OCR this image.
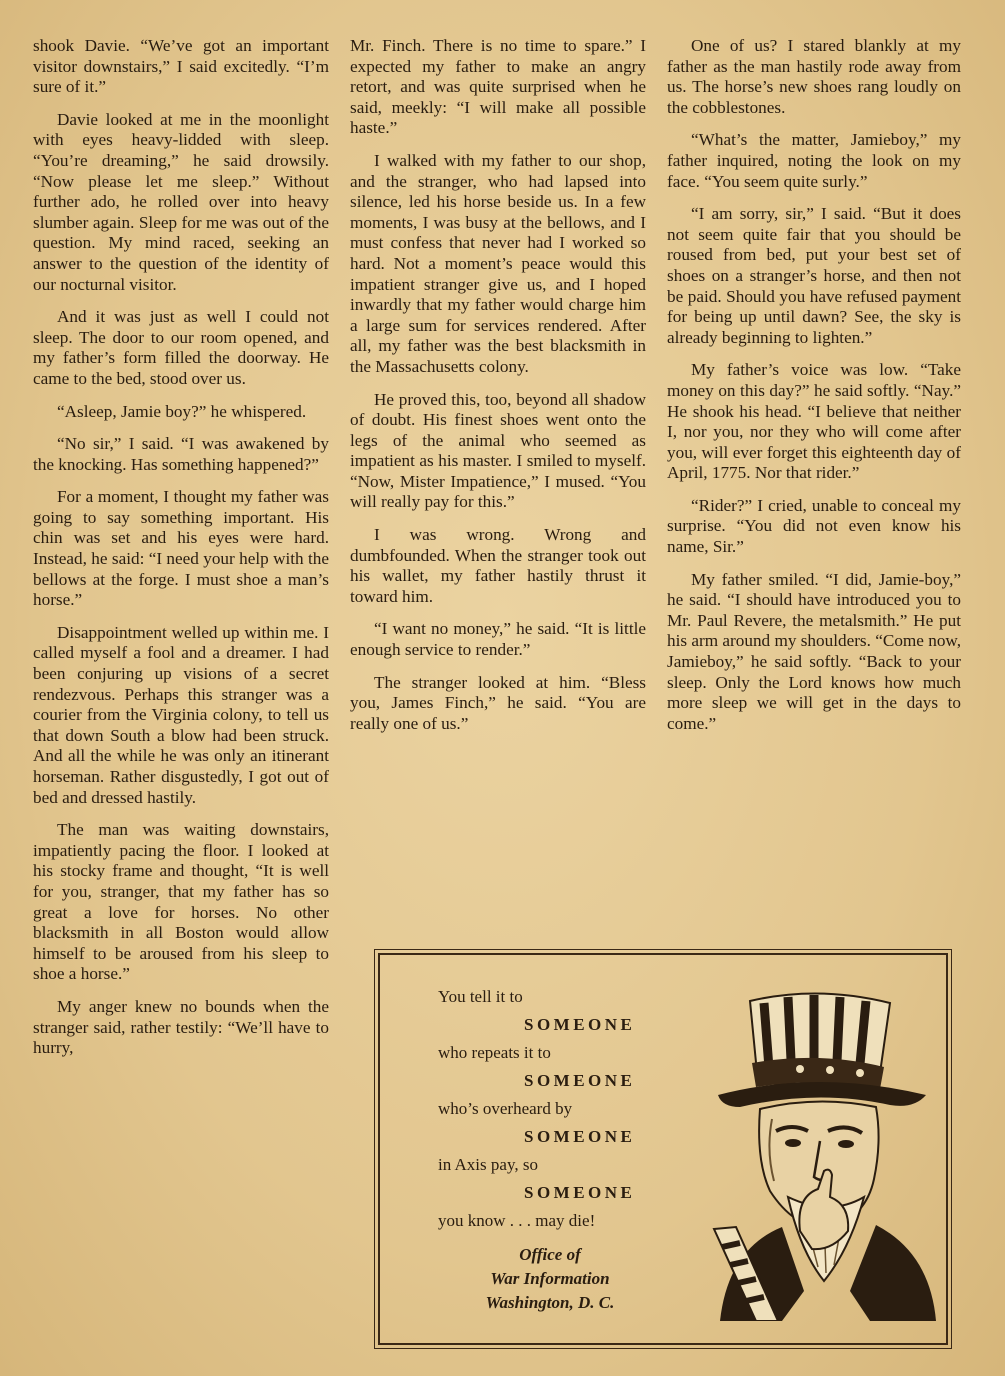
shook Davie. “We’ve got an important visitor downstairs,” I said excitedly. “I’m sure of it.”

Davie looked at me in the moonlight with eyes heavy-lidded with sleep. “You’re dreaming,” he said drowsily. “Now please let me sleep.” Without further ado, he rolled over into heavy slumber again. Sleep for me was out of the question. My mind raced, seeking an answer to the question of the identity of our nocturnal visitor.

And it was just as well I could not sleep. The door to our room opened, and my father’s form filled the doorway. He came to the bed, stood over us.

“Asleep, Jamie boy?” he whispered.

“No sir,” I said. “I was awakened by the knocking. Has something happened?”

For a moment, I thought my father was going to say something important. His chin was set and his eyes were hard. Instead, he said: “I need your help with the bellows at the forge. I must shoe a man’s horse.”

Disappointment welled up within me. I called myself a fool and a dreamer. I had been conjuring up visions of a secret rendezvous. Perhaps this stranger was a courier from the Virginia colony, to tell us that down South a blow had been struck. And all the while he was only an itinerant horseman. Rather disgustedly, I got out of bed and dressed hastily.

The man was waiting downstairs, impatiently pacing the floor. I looked at his stocky frame and thought, “It is well for you, stranger, that my father has so great a love for horses. No other blacksmith in all Boston would allow himself to be aroused from his sleep to shoe a horse.”

My anger knew no bounds when the stranger said, rather testily: “We’ll have to hurry,

Mr. Finch. There is no time to spare.” I expected my father to make an angry retort, and was quite surprised when he said, meekly: “I will make all possible haste.”

I walked with my father to our shop, and the stranger, who had lapsed into silence, led his horse beside us. In a few moments, I was busy at the bellows, and I must confess that never had I worked so hard. Not a moment’s peace would this impatient stranger give us, and I hoped inwardly that my father would charge him a large sum for services rendered. After all, my father was the best blacksmith in the Massachusetts colony.

He proved this, too, beyond all shadow of doubt. His finest shoes went onto the legs of the animal who seemed as impatient as his master. I smiled to myself. “Now, Mister Impatience,” I mused. “You will really pay for this.”

I was wrong. Wrong and dumbfounded. When the stranger took out his wallet, my father hastily thrust it toward him.

“I want no money,” he said. “It is little enough service to render.”

The stranger looked at him. “Bless you, James Finch,” he said. “You are really one of us.”

One of us? I stared blankly at my father as the man hastily rode away from us. The horse’s new shoes rang loudly on the cobblestones.

“What’s the matter, Jamieboy,” my father inquired, noting the look on my face. “You seem quite surly.”

“I am sorry, sir,” I said. “But it does not seem quite fair that you should be roused from bed, put your best set of shoes on a stranger’s horse, and then not be paid. Should you have refused payment for being up until dawn? See, the sky is already beginning to lighten.”

My father’s voice was low. “Take money on this day?” he said softly. “Nay.” He shook his head. “I believe that neither I, nor you, nor they who will come after you, will ever forget this eighteenth day of April, 1775. Nor that rider.”

“Rider?” I cried, unable to conceal my surprise. “You did not even know his name, Sir.”

My father smiled. “I did, Jamie-boy,” he said. “I should have introduced you to Mr. Paul Revere, the metalsmith.” He put his arm around my shoulders. “Come now, Jamieboy,” he said softly. “Back to your sleep. Only the Lord knows how much more sleep we will get in the days to come.”

You tell it to
SOMEONE
who repeats it to
SOMEONE
who’s overheard by
SOMEONE
in Axis pay, so
SOMEONE
you know . . . may die!
Office of
War Information
Washington, D. C.
